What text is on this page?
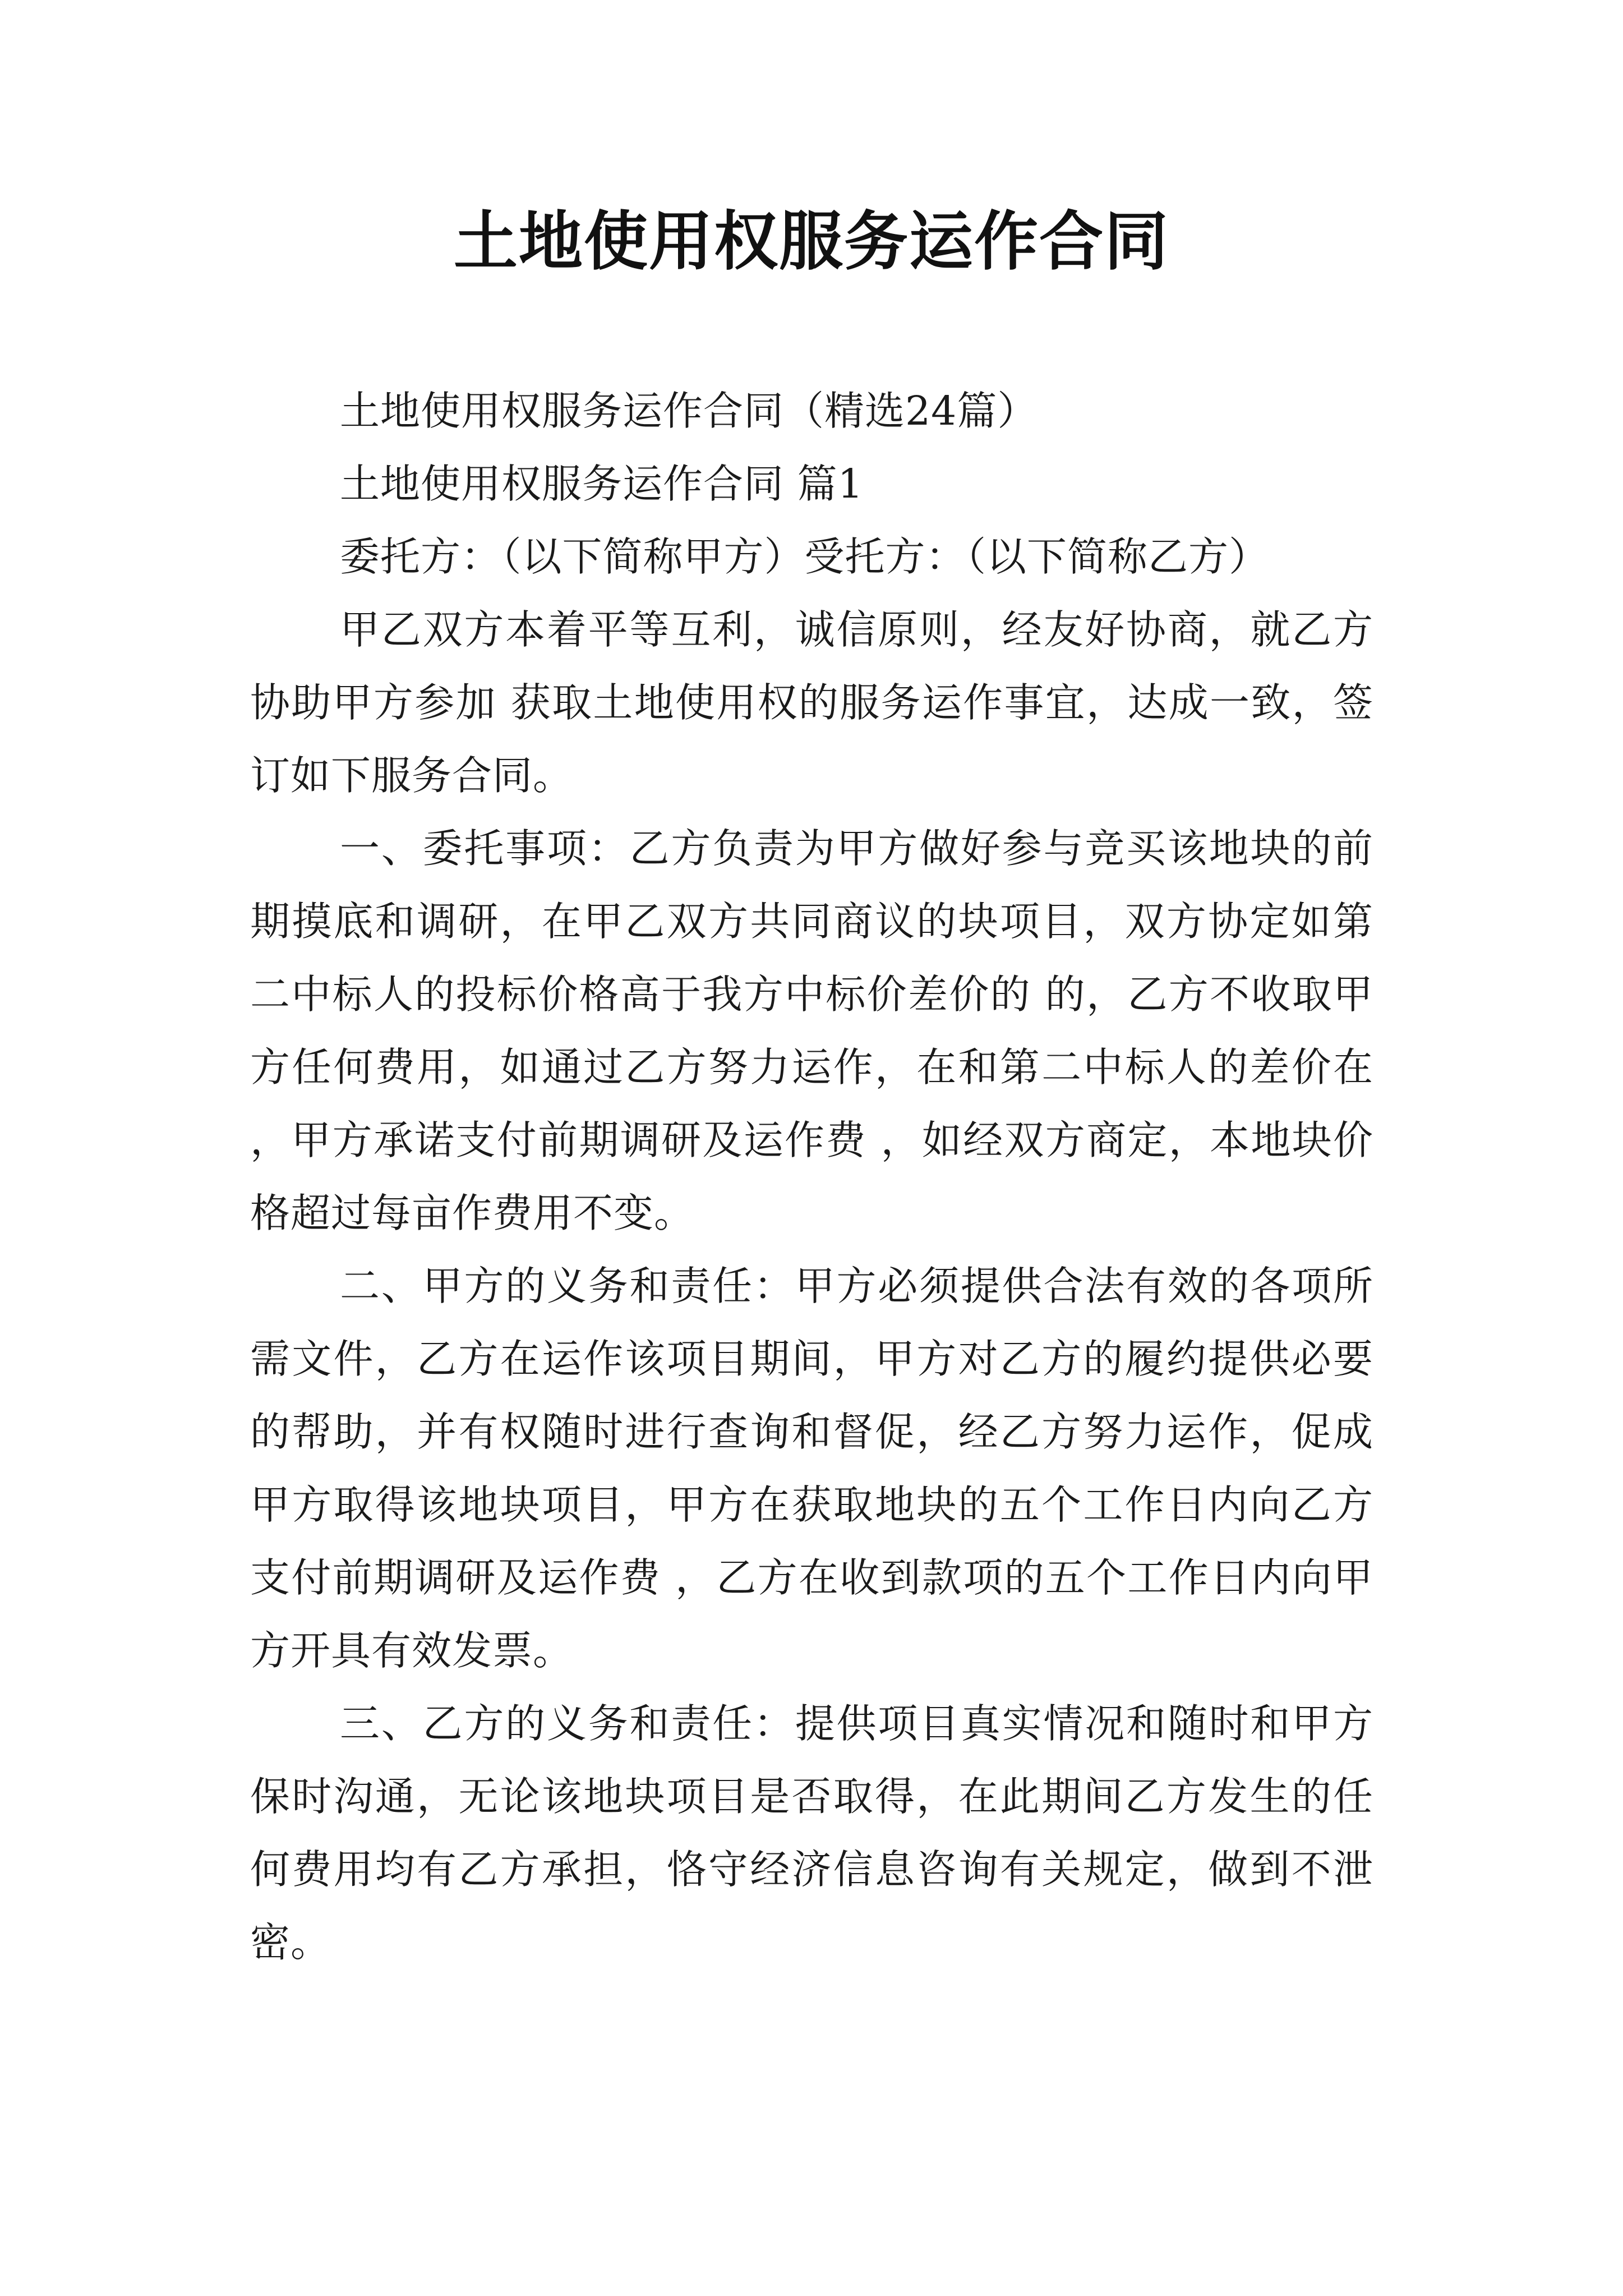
土地使用权服务运作合同

土地使用权服务运作合同（精选24篇）

土地使用权服务运作合同 篇1

委托方：（以下简称甲方）受托方：（以下简称乙方）

甲乙双方本着平等互利，诚信原则，经友好协商，就乙方协助甲方参加 获取土地使用权的服务运作事宜，达成一致，签订如下服务合同。

一、委托事项：乙方负责为甲方做好参与竞买该地块的前期摸底和调研，在甲乙双方共同商议的块项目，双方协定如第二中标人的投标价格高于我方中标价差价的 的，乙方不收取甲方任何费用，如通过乙方努力运作，在和第二中标人的差价在 ，甲方承诺支付前期调研及运作费 ，如经双方商定，本地块价格超过每亩作费用不变。

二、甲方的义务和责任：甲方必须提供合法有效的各项所需文件，乙方在运作该项目期间，甲方对乙方的履约提供必要的帮助，并有权随时进行查询和督促，经乙方努力运作，促成甲方取得该地块项目，甲方在获取地块的五个工作日内向乙方支付前期调研及运作费 ，乙方在收到款项的五个工作日内向甲方开具有效发票。

三、乙方的义务和责任：提供项目真实情况和随时和甲方保时沟通，无论该地块项目是否取得，在此期间乙方发生的任何费用均有乙方承担，恪守经济信息咨询有关规定，做到不泄密。
